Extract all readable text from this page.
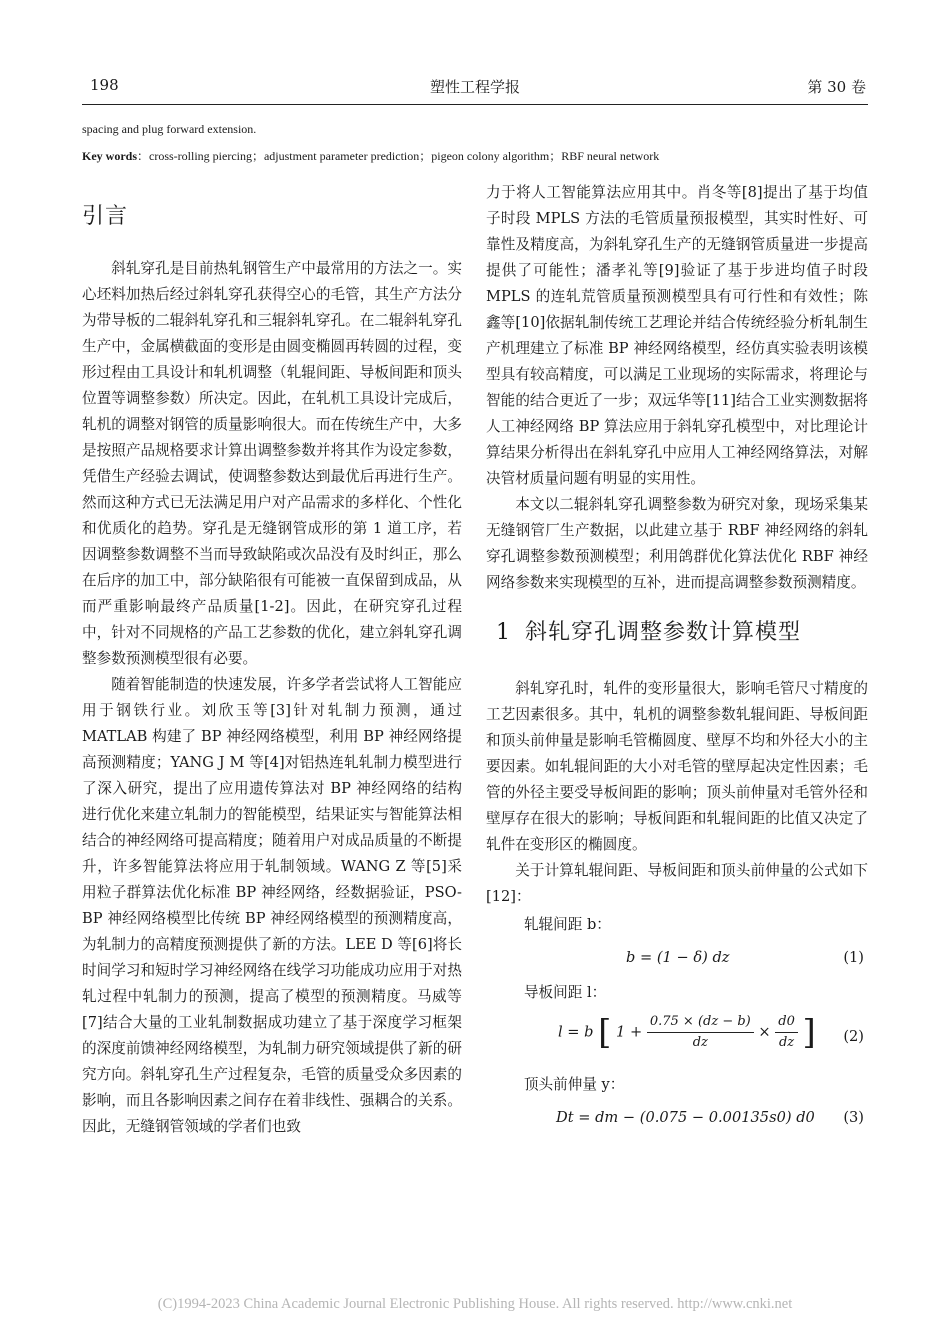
198	塑性工程学报	第 30 卷
spacing and plug forward extension.
Key words：cross-rolling piercing；adjustment parameter prediction；pigeon colony algorithm；RBF neural network
引言

斜轧穿孔是目前热轧钢管生产中最常用的方法之一。实心坯料加热后经过斜轧穿孔获得空心的毛管，其生产方法分为带导板的二辊斜轧穿孔和三辊斜轧穿孔。在二辊斜轧穿孔生产中，金属横截面的变形是由圆变椭圆再转圆的过程，变形过程由工具设计和轧机调整（轧辊间距、导板间距和顶头位置等调整参数）所决定。因此，在轧机工具设计完成后，轧机的调整对钢管的质量影响很大。而在传统生产中，大多是按照产品规格要求计算出调整参数并将其作为设定参数，凭借生产经验去调试，使调整参数达到最优后再进行生产。然而这种方式已无法满足用户对产品需求的多样化、个性化和优质化的趋势。穿孔是无缝钢管成形的第 1 道工序，若因调整参数调整不当而导致缺陷或次品没有及时纠正，那么在后序的加工中，部分缺陷很有可能被一直保留到成品，从而严重影响最终产品质量[1-2]。因此，在研究穿孔过程中，针对不同规格的产品工艺参数的优化，建立斜轧穿孔调整参数预测模型很有必要。

随着智能制造的快速发展，许多学者尝试将人工智能应用于钢铁行业。刘欣玉等[3]针对轧制力预测，通过 MATLAB 构建了 BP 神经网络模型，利用 BP 神经网络提高预测精度；YANG J M 等[4]对铝热连轧轧制力模型进行了深入研究，提出了应用遗传算法对 BP 神经网络的结构进行优化来建立轧制力的智能模型，结果证实与智能算法相结合的神经网络可提高精度；随着用户对成品质量的不断提升，许多智能算法将应用于轧制领域。WANG Z 等[5]采用粒子群算法优化标准 BP 神经网络，经数据验证，PSO-BP 神经网络模型比传统 BP 神经网络模型的预测精度高，为轧制力的高精度预测提供了新的方法。LEE D 等[6]将长时间学习和短时学习神经网络在线学习功能成功应用于对热轧过程中轧制力的预测，提高了模型的预测精度。马威等[7]结合大量的工业轧制数据成功建立了基于深度学习框架的深度前馈神经网络模型，为轧制力研究领域提供了新的研究方向。斜轧穿孔生产过程复杂，毛管的质量受众多因素的影响，而且各影响因素之间存在着非线性、强耦合的关系。因此，无缝钢管领域的学者们也致

力于将人工智能算法应用其中。肖冬等[8]提出了基于均值子时段 MPLS 方法的毛管质量预报模型，其实时性好、可靠性及精度高，为斜轧穿孔生产的无缝钢管质量进一步提高提供了可能性；潘孝礼等[9]验证了基于步进均值子时段 MPLS 的连轧荒管质量预测模型具有可行性和有效性；陈鑫等[10]依据轧制传统工艺理论并结合传统经验分析轧制生产机理建立了标准 BP 神经网络模型，经仿真实验表明该模型具有较高精度，可以满足工业现场的实际需求，将理论与智能的结合更近了一步；双远华等[11]结合工业实测数据将人工神经网络 BP 算法应用于斜轧穿孔模型中，对比理论计算结果分析得出在斜轧穿孔中应用人工神经网络算法，对解决管材质量问题有明显的实用性。

本文以二辊斜轧穿孔调整参数为研究对象，现场采集某无缝钢管厂生产数据，以此建立基于 RBF 神经网络的斜轧穿孔调整参数预测模型；利用鸽群优化算法优化 RBF 神经网络参数来实现模型的互补，进而提高调整参数预测精度。

1 斜轧穿孔调整参数计算模型

斜轧穿孔时，轧件的变形量很大，影响毛管尺寸精度的工艺因素很多。其中，轧机的调整参数轧辊间距、导板间距和顶头前伸量是影响毛管椭圆度、壁厚不均和外径大小的主要因素。如轧辊间距的大小对毛管的壁厚起决定性因素；毛管的外径主要受导板间距的影响；顶头前伸量对毛管外径和壁厚存在很大的影响；导板间距和轧辊间距的比值又决定了轧件在变形区的椭圆度。

关于计算轧辊间距、导板间距和顶头前伸量的公式如下[12]：

轧辊间距 b：
b = (1 − δ) dz	(1)
导板间距 l：
l = b [ $1 + \frac{0.75 \times (dz - b)}{dz} \times \frac{d0}{dz}$ ] (2)
顶头前伸量 y：
Dt = dm − (0.075 − 0.00135s0) d0 (3)
(C)1994-2023 China Academic Journal Electronic Publishing House. All rights reserved. http://www.cnki.net
